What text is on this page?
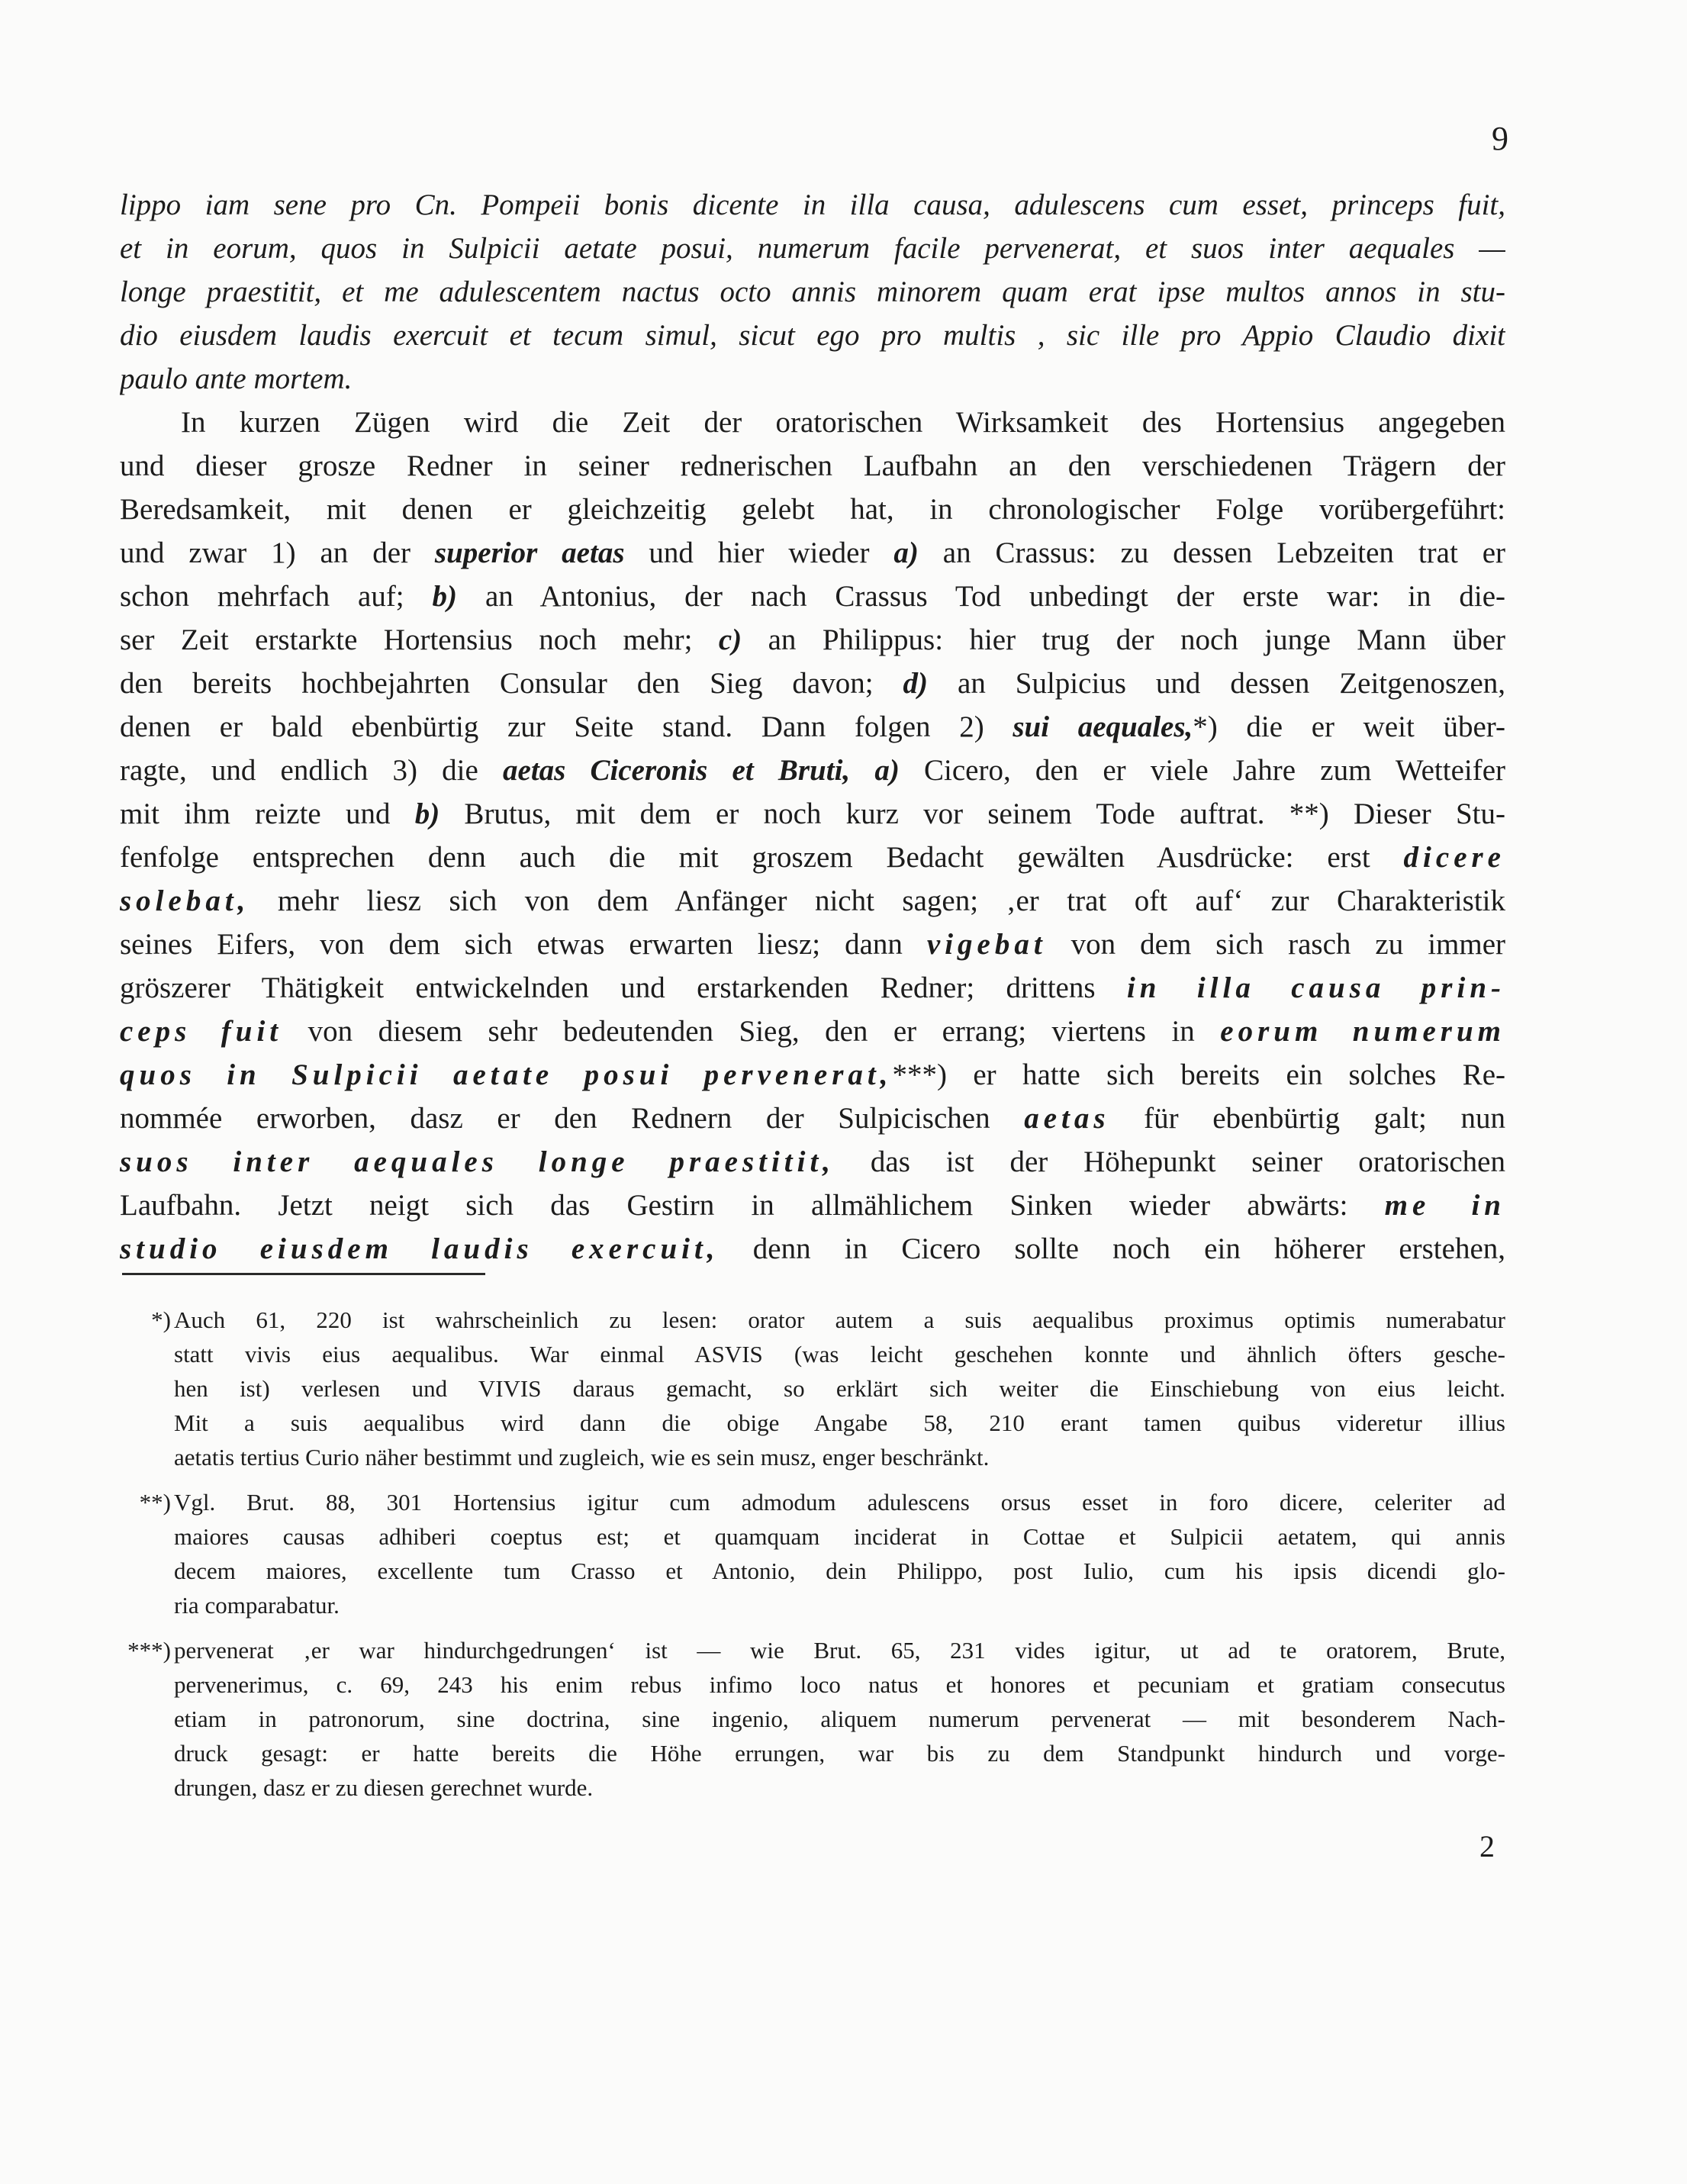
9
lippo iam sene pro Cn. Pompeii bonis dicente in illa causa, adulescens cum esset, princeps fuit,
et in eorum, quos in Sulpicii aetate posui, numerum facile pervenerat, et suos inter aequales —
longe praestitit, et me adulescentem nactus octo annis minorem quam erat ipse multos annos in stu-
dio eiusdem laudis exercuit et tecum simul, sicut ego pro multis , sic ille pro Appio Claudio dixit
paulo ante mortem.
In kurzen Zügen wird die Zeit der oratorischen Wirksamkeit des Hortensius angegeben
und dieser grosze Redner in seiner rednerischen Laufbahn an den verschiedenen Trägern der
Beredsamkeit, mit denen er gleichzeitig gelebt hat, in chronologischer Folge vorübergeführt:
und zwar 1) an der superior aetas und hier wieder a) an Crassus: zu dessen Lebzeiten trat er
schon mehrfach auf; b) an Antonius, der nach Crassus Tod unbedingt der erste war: in die-
ser Zeit erstarkte Hortensius noch mehr; c) an Philippus: hier trug der noch junge Mann über
den bereits hochbejahrten Consular den Sieg davon; d) an Sulpicius und dessen Zeitgenoszen,
denen er bald ebenbürtig zur Seite stand. Dann folgen 2) sui aequales,*) die er weit über-
ragte, und endlich 3) die aetas Ciceronis et Bruti, a) Cicero, den er viele Jahre zum Wetteifer
mit ihm reizte und b) Brutus, mit dem er noch kurz vor seinem Tode auftrat. **) Dieser Stu-
fenfolge entsprechen denn auch die mit groszem Bedacht gewälten Ausdrücke: erst dicere
solebat, mehr liesz sich von dem Anfänger nicht sagen; ‚er trat oft auf‘ zur Charakteristik
seines Eifers, von dem sich etwas erwarten liesz; dann vigebat von dem sich rasch zu immer
gröszerer Thätigkeit entwickelnden und erstarkenden Redner; drittens in illa causa prin-
ceps fuit von diesem sehr bedeutenden Sieg, den er errang; viertens in eorum numerum
quos in Sulpicii aetate posui pervenerat,***) er hatte sich bereits ein solches Re-
nommée erworben, dasz er den Rednern der Sulpicischen aetas für ebenbürtig galt; nun
suos inter aequales longe praestitit, das ist der Höhepunkt seiner oratorischen
Laufbahn. Jetzt neigt sich das Gestirn in allmählichem Sinken wieder abwärts: me in
studio eiusdem laudis exercuit, denn in Cicero sollte noch ein höherer erstehen,
*) Auch 61, 220 ist wahrscheinlich zu lesen: orator autem a suis aequalibus proximus optimis numerabatur
statt vivis eius aequalibus. War einmal ASVIS (was leicht geschehen konnte und ähnlich öfters gesche-
hen ist) verlesen und VIVIS daraus gemacht, so erklärt sich weiter die Einschiebung von eius leicht.
Mit a suis aequalibus wird dann die obige Angabe 58, 210 erant tamen quibus videretur illius
aetatis tertius Curio näher bestimmt und zugleich, wie es sein musz, enger beschränkt.
**) Vgl. Brut. 88, 301 Hortensius igitur cum admodum adulescens orsus esset in foro dicere, celeriter ad
maiores causas adhiberi coeptus est; et quamquam inciderat in Cottae et Sulpicii aetatem, qui annis
decem maiores, excellente tum Crasso et Antonio, dein Philippo, post Iulio, cum his ipsis dicendi glo-
ria comparabatur.
***) pervenerat ‚er war hindurchgedrungen‘ ist — wie Brut. 65, 231 vides igitur, ut ad te oratorem, Brute,
pervenerimus, c. 69, 243 his enim rebus infimo loco natus et honores et pecuniam et gratiam consecutus
etiam in patronorum, sine doctrina, sine ingenio, aliquem numerum pervenerat — mit besonderem Nach-
druck gesagt: er hatte bereits die Höhe errungen, war bis zu dem Standpunkt hindurch und vorge-
drungen, dasz er zu diesen gerechnet wurde.
2
